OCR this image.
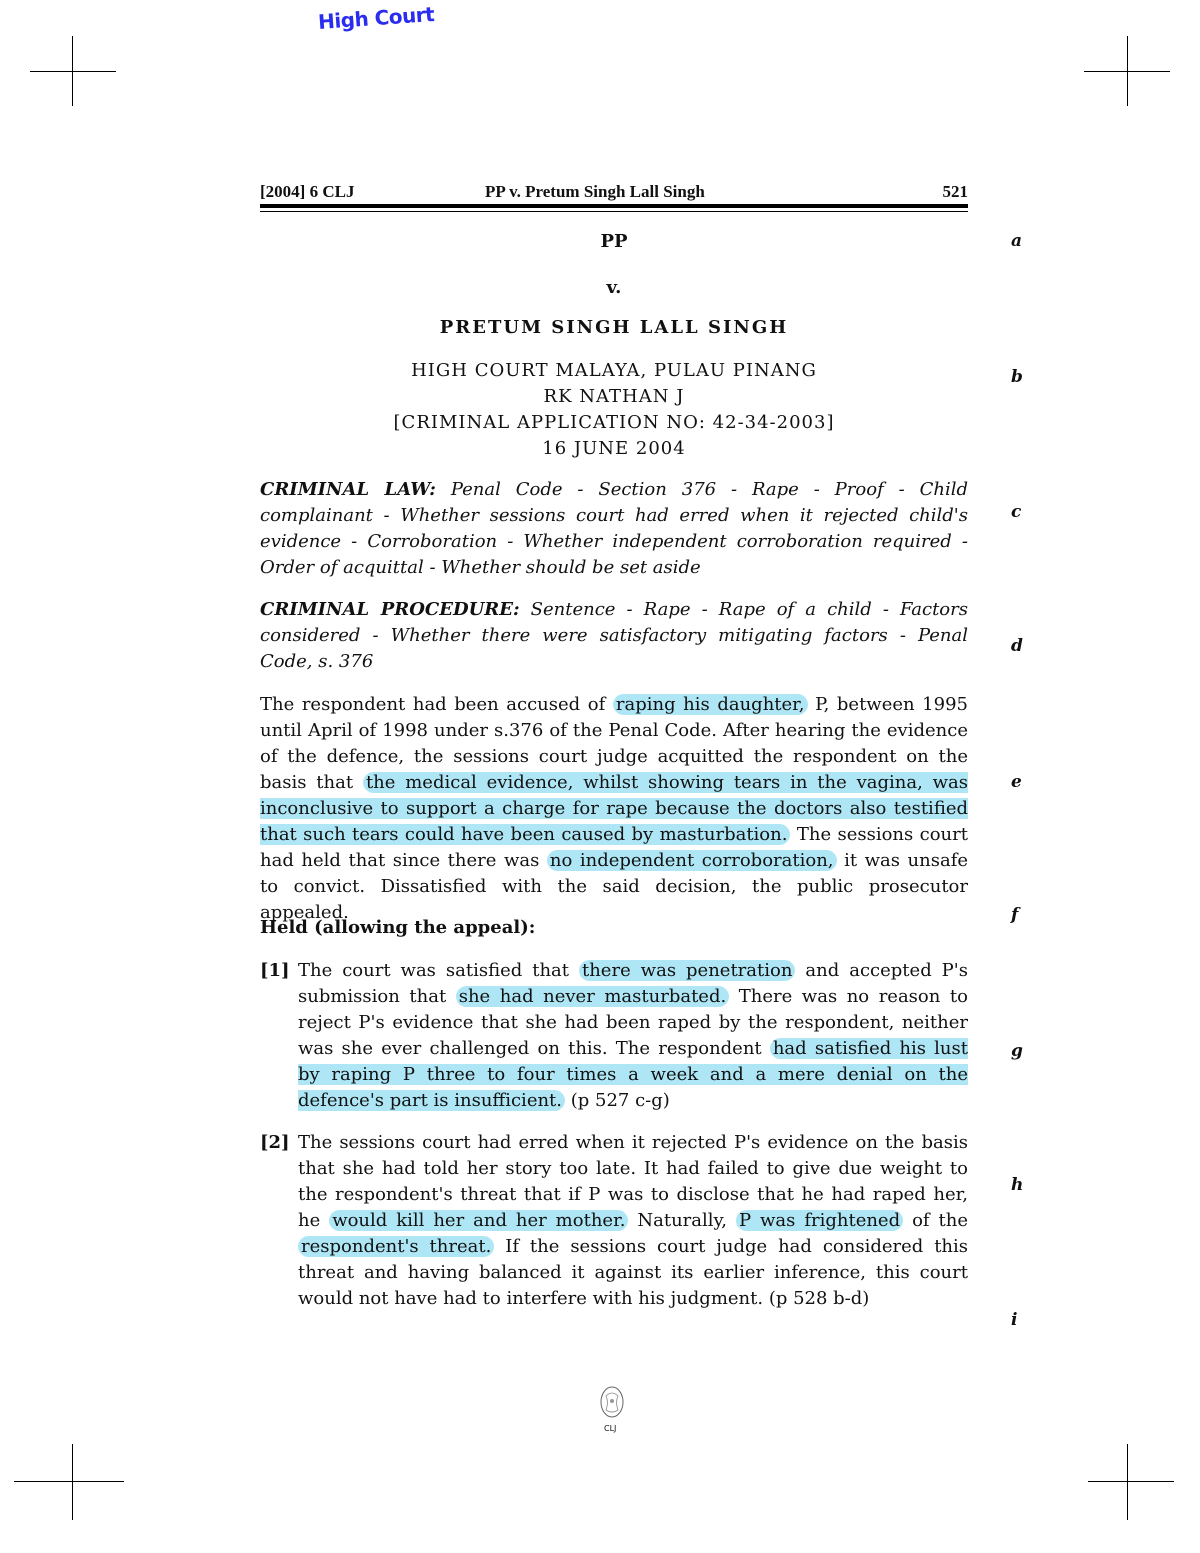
High Court
[2004] 6 CLJ	PP v. Pretum Singh Lall Singh	521
PP
v.
PRETUM SINGH LALL SINGH
HIGH COURT MALAYA, PULAU PINANG
RK NATHAN J
[CRIMINAL APPLICATION NO: 42-34-2003]
16 JUNE 2004
CRIMINAL LAW: Penal Code - Section 376 - Rape - Proof - Child complainant - Whether sessions court had erred when it rejected child's evidence - Corroboration - Whether independent corroboration required - Order of acquittal - Whether should be set aside
CRIMINAL PROCEDURE: Sentence - Rape - Rape of a child - Factors considered - Whether there were satisfactory mitigating factors - Penal Code, s. 376
The respondent had been accused of raping his daughter, P, between 1995 until April of 1998 under s.376 of the Penal Code. After hearing the evidence of the defence, the sessions court judge acquitted the respondent on the basis that the medical evidence, whilst showing tears in the vagina, was inconclusive to support a charge for rape because the doctors also testified that such tears could have been caused by masturbation. The sessions court had held that since there was no independent corroboration, it was unsafe to convict. Dissatisfied with the said decision, the public prosecutor appealed.
Held (allowing the appeal):
[1] The court was satisfied that there was penetration and accepted P's submission that she had never masturbated. There was no reason to reject P's evidence that she had been raped by the respondent, neither was she ever challenged on this. The respondent had satisfied his lust by raping P three to four times a week and a mere denial on the defence's part is insufficient. (p 527 c-g)
[2] The sessions court had erred when it rejected P's evidence on the basis that she had told her story too late. It had failed to give due weight to the respondent's threat that if P was to disclose that he had raped her, he would kill her and her mother. Naturally, P was frightened of the respondent's threat. If the sessions court judge had considered this threat and having balanced it against its earlier inference, this court would not have had to interfere with his judgment. (p 528 b-d)
a
b
c
d
e
f
g
h
i
CLJ
